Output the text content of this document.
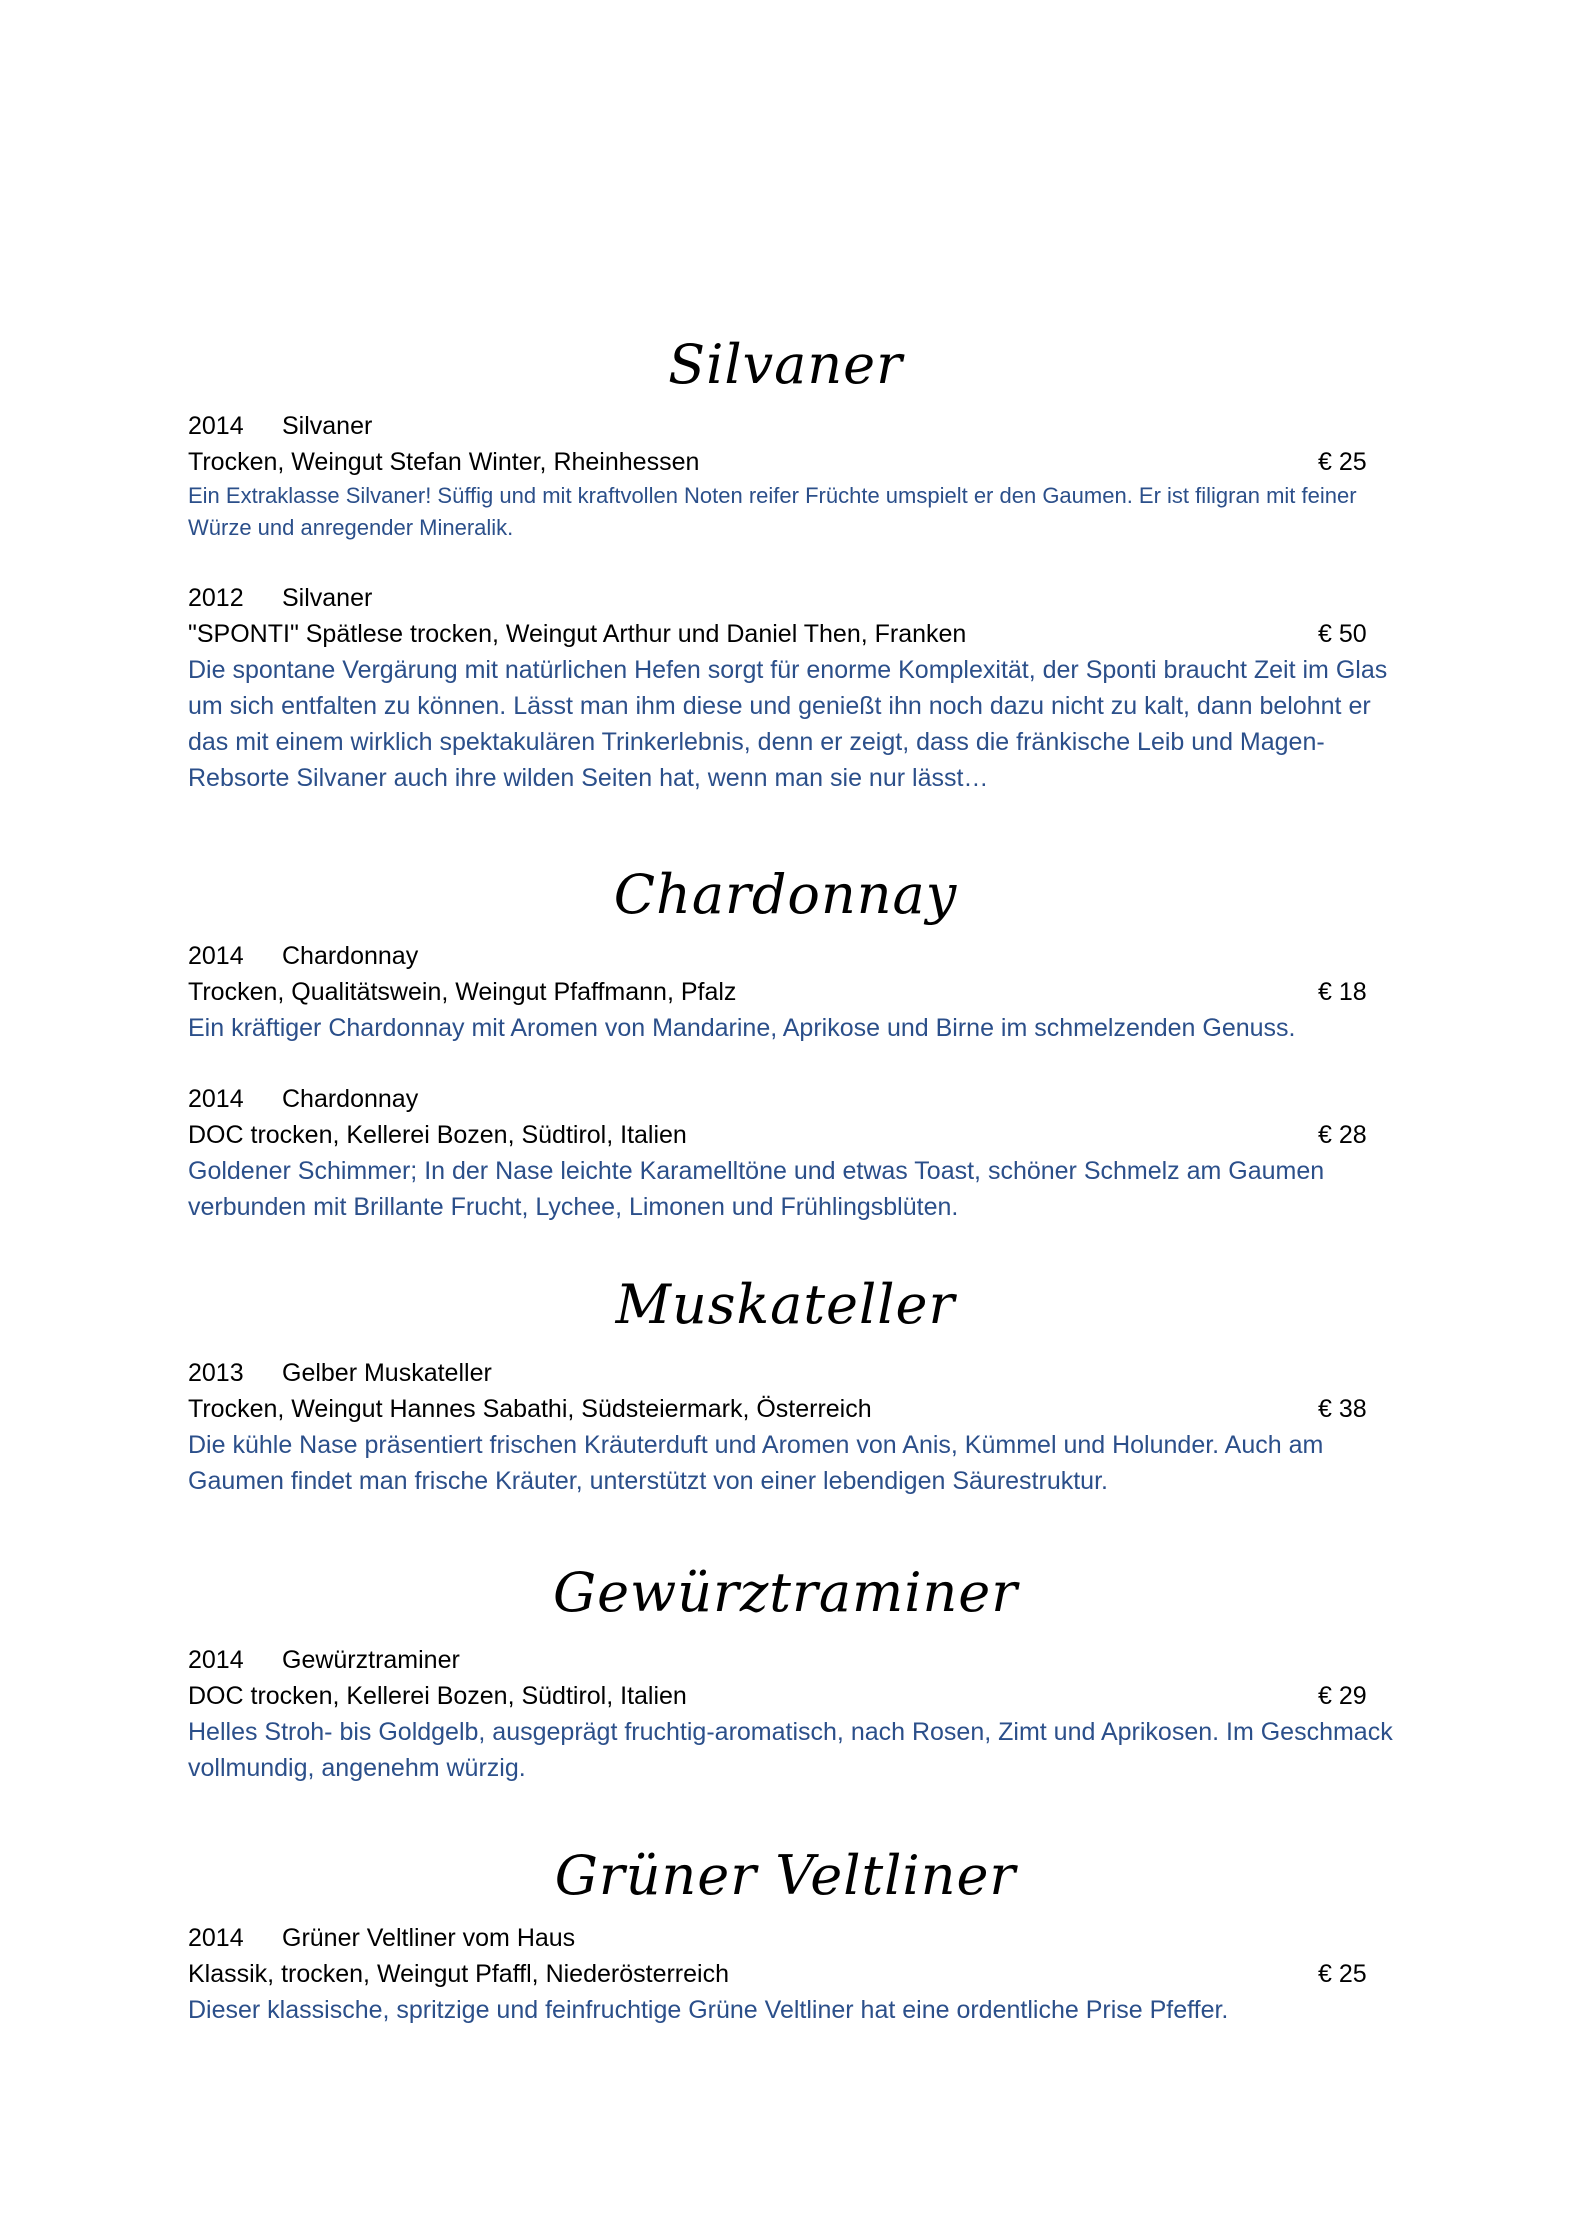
Silvaner
2014 Silvaner
Trocken, Weingut Stefan Winter, Rheinhessen	€ 25
Ein Extraklasse Silvaner! Süffig und mit kraftvollen Noten reifer Früchte umspielt er den Gaumen. Er ist filigran mit feiner Würze und anregender Mineralik.
2012 Silvaner
"SPONTI" Spätlese trocken, Weingut Arthur und Daniel Then, Franken	€ 50
Die spontane Vergärung mit natürlichen Hefen sorgt für enorme Komplexität, der Sponti braucht Zeit im Glas um sich entfalten zu können. Lässt man ihm diese und genießt ihn noch dazu nicht zu kalt, dann belohnt er das mit einem wirklich spektakulären Trinkerlebnis, denn er zeigt, dass die fränkische Leib und Magen-Rebsorte Silvaner auch ihre wilden Seiten hat, wenn man sie nur lässt…
Chardonnay
2014 Chardonnay
Trocken, Qualitätswein, Weingut Pfaffmann, Pfalz	€ 18
Ein kräftiger Chardonnay mit Aromen von Mandarine, Aprikose und Birne im schmelzenden Genuss.
2014 Chardonnay
DOC trocken, Kellerei Bozen, Südtirol, Italien	€ 28
Goldener Schimmer; In der Nase leichte Karamelltöne und etwas Toast, schöner Schmelz am Gaumen verbunden mit Brillante Frucht, Lychee, Limonen und Frühlingsblüten.
Muskateller
2013 Gelber Muskateller
Trocken, Weingut Hannes Sabathi, Südsteiermark, Österreich	€ 38
Die kühle Nase präsentiert frischen Kräuterduft und Aromen von Anis, Kümmel und Holunder. Auch am Gaumen findet man frische Kräuter, unterstützt von einer lebendigen Säurestruktur.
Gewürztraminer
2014 Gewürztraminer
DOC trocken, Kellerei Bozen, Südtirol, Italien	€ 29
Helles Stroh- bis Goldgelb, ausgeprägt fruchtig-aromatisch, nach Rosen, Zimt und Aprikosen. Im Geschmack vollmundig, angenehm würzig.
Grüner Veltliner
2014 Grüner Veltliner vom Haus
Klassik, trocken, Weingut Pfaffl, Niederösterreich	€ 25
Dieser klassische, spritzige und feinfruchtige Grüne Veltliner hat eine ordentliche Prise Pfeffer.
